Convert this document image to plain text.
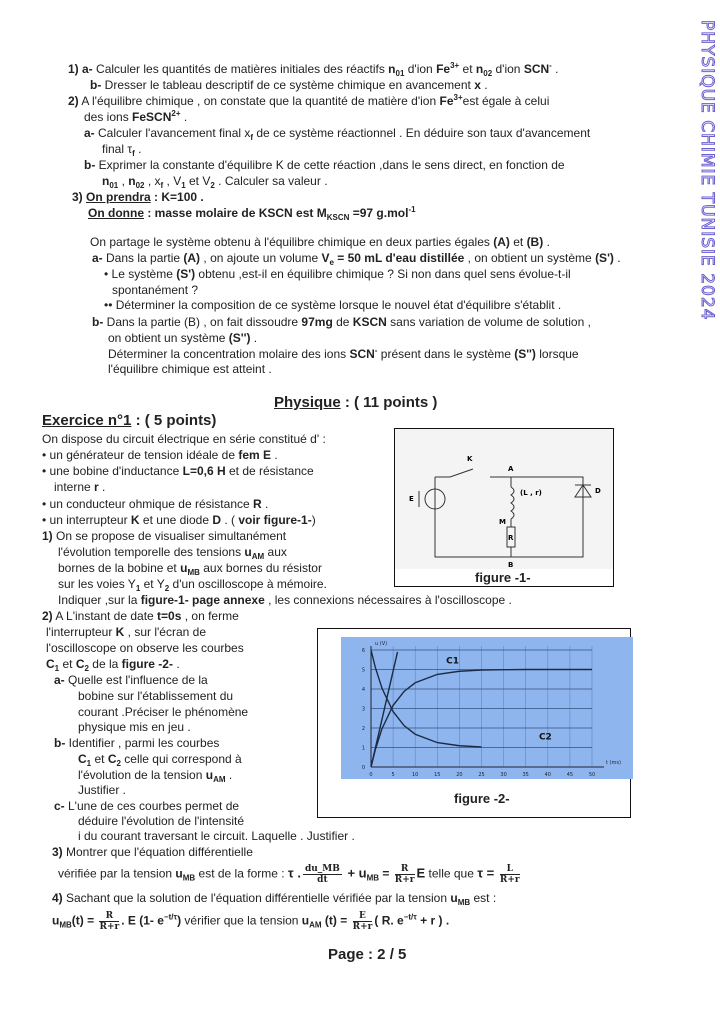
PHYSIQUE CHIMIE TUNISIE 2024
1) a- Calculer les quantités de matières initiales des réactifs $n_{01}$ d'ion $Fe^{3+}$ et $n_{02}$ d'ion SCN- .
b- Dresser le tableau descriptif de ce système chimique en avancement x .
2) A l'équilibre chimique , on constate que la quantité de matière d'ion $Fe^{3+}est$ égale à celui
des ions FeSCN$^{2+}$ .
a- Calculer l'avancement final $x_f$ de ce système réactionnel . En déduire son taux d'avancement
final $\tau_f$ .
b- Exprimer la constante d'équilibre K de cette réaction ,dans le sens direct, en fonction de
$n_{01}$ , $n_{02}$ , $x_f$ , $V_1$ et $V_2$ . Calculer sa valeur .
3) On prendra : K=100 .
On donne : masse molaire de KSCN est $M_{KSCN} =97$ g.mol$^{-1}$
On partage le système obtenu à l'équilibre chimique en deux parties égales (A) et (B) .
a- Dans la partie (A) , on ajoute un volume $V_e = 50$ mL d'eau distillée , on obtient un système (S') .
• Le système (S') obtenu ,est-il en équilibre chimique ? Si non dans quel sens évolue-t-il
spontanément ?
•• Déterminer la composition de ce système lorsque le nouvel état d'équilibre s'établit .
b- Dans la partie (B) , on fait dissoudre 97mg de KSCN sans variation de volume de solution ,
on obtient un système (S'') .
Déterminer la concentration molaire des ions SCN- présent dans le système (S'') lorsque
l'équilibre chimique est atteint .
On dispose du circuit électrique en série constitué d' :
• un générateur de tension idéale de fem E .
• une bobine d'inductance L=0,6 H et de résistance
interne r .
• un conducteur ohmique de résistance R .
• un interrupteur K et une diode D . ( voir figure-1-)
1) On se propose de visualiser simultanément
l'évolution temporelle des tensions $u_{AM}$ aux
bornes de la bobine et $u_{MB}$ aux bornes du résistor
sur les voies $Y_1$ et $Y_2$ d'un oscilloscope à mémoire.
Indiquer ,sur la figure-1- page annexe , les connexions nécessaires à l'oscilloscope .
2) A L'instant de date t=0s , on ferme
l'interrupteur K , sur l'écran de
l'oscilloscope on observe les courbes
$C_1$ et $C_2$ de la figure -2- .
a- Quelle est l'influence de la
bobine sur l'établissement du
courant .Préciser le phénomène
physique mis en jeu .
b- Identifier , parmi les courbes
$C_1$ et $C_2$ celle qui correspond à
l'évolution de la tension $u_{AM}$ .
Justifier .
c- L'une de ces courbes permet de
déduire l'évolution de l'intensité
i du courant traversant le circuit. Laquelle . Justifier .
3) Montrer que l'équation différentielle
vérifiée par la tension $u_{MB}$ est de la forme : τ . $\frac{du\_MB}{dt} + u_{MB} = \frac{R}{R+r}$ E telle que $\tau = \frac{L}{R+r}$
4) Sachant que la solution de l'équation différentielle vérifiée par la tension $u_{MB}$ est :
$u_{MB}(t) = \frac{R}{R+r}$ . E (1- $e^{-t/\tau}$) vérifier que la tension $u_{AM}$ $(t) = \frac{E}{R+r}$ ( R. $e^{-t/\tau} + r$ ) .
Physique : ( 11 points )
Exercice n°1 : ( 5 points)
K
A
B
M
E
D
(L , r)
R
figure -1-
figure -2-
0	5	10	15	20	25	30	35	40	45	50
0
1
2
3
4
5
6
u (V)
t (ms)
C1
C2
Page : 2 / 5
